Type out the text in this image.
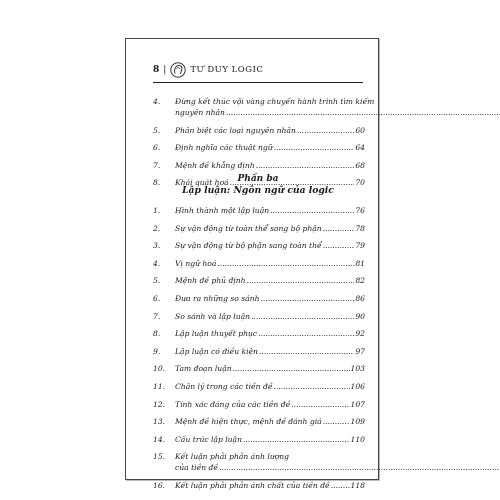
8 |	TƯ DUY LOGIC
4.	Đừng kết thúc vội vàng chuyến hành trình tìm kiếm
nguyên nhân
.....
5.	Phân biệt các loại nguyên nhân .....	60
6.	Định nghĩa các thuật ngữ .....	64
7.	Mệnh đề khẳng định .....	68
8.	Khái quát hoá .....	70
Phần ba
Lập luận: Ngôn ngữ của logic
1.	Hình thành một lập luận .....	76
2.	Sự vận động từ toàn thể sang bộ phận .....	78
3.	Sự vận động từ bộ phận sang toàn thể .....	79
4.	Vị ngữ hoá .....	81
5.	Mệnh đề phủ định .....	82
6.	Đưa ra những so sánh .....	86
7.	So sánh và lập luận .....	90
8.	Lập luận thuyết phục .....	92
9.	Lập luận có điều kiện .....	97
10.	Tam đoạn luận .....	103
11.	Chân lý trong các tiền đề .....	106
12.	Tính xác đáng của các tiền đề .....	107
13.	Mệnh đề hiện thực, mệnh đề đánh giá .....	109
14.	Cấu trúc lập luận .....	110
15.	Kết luận phải phản ánh lượng
của tiền đề
.....
16.	Kết luận phải phản ánh chất của tiền đề .....	118
